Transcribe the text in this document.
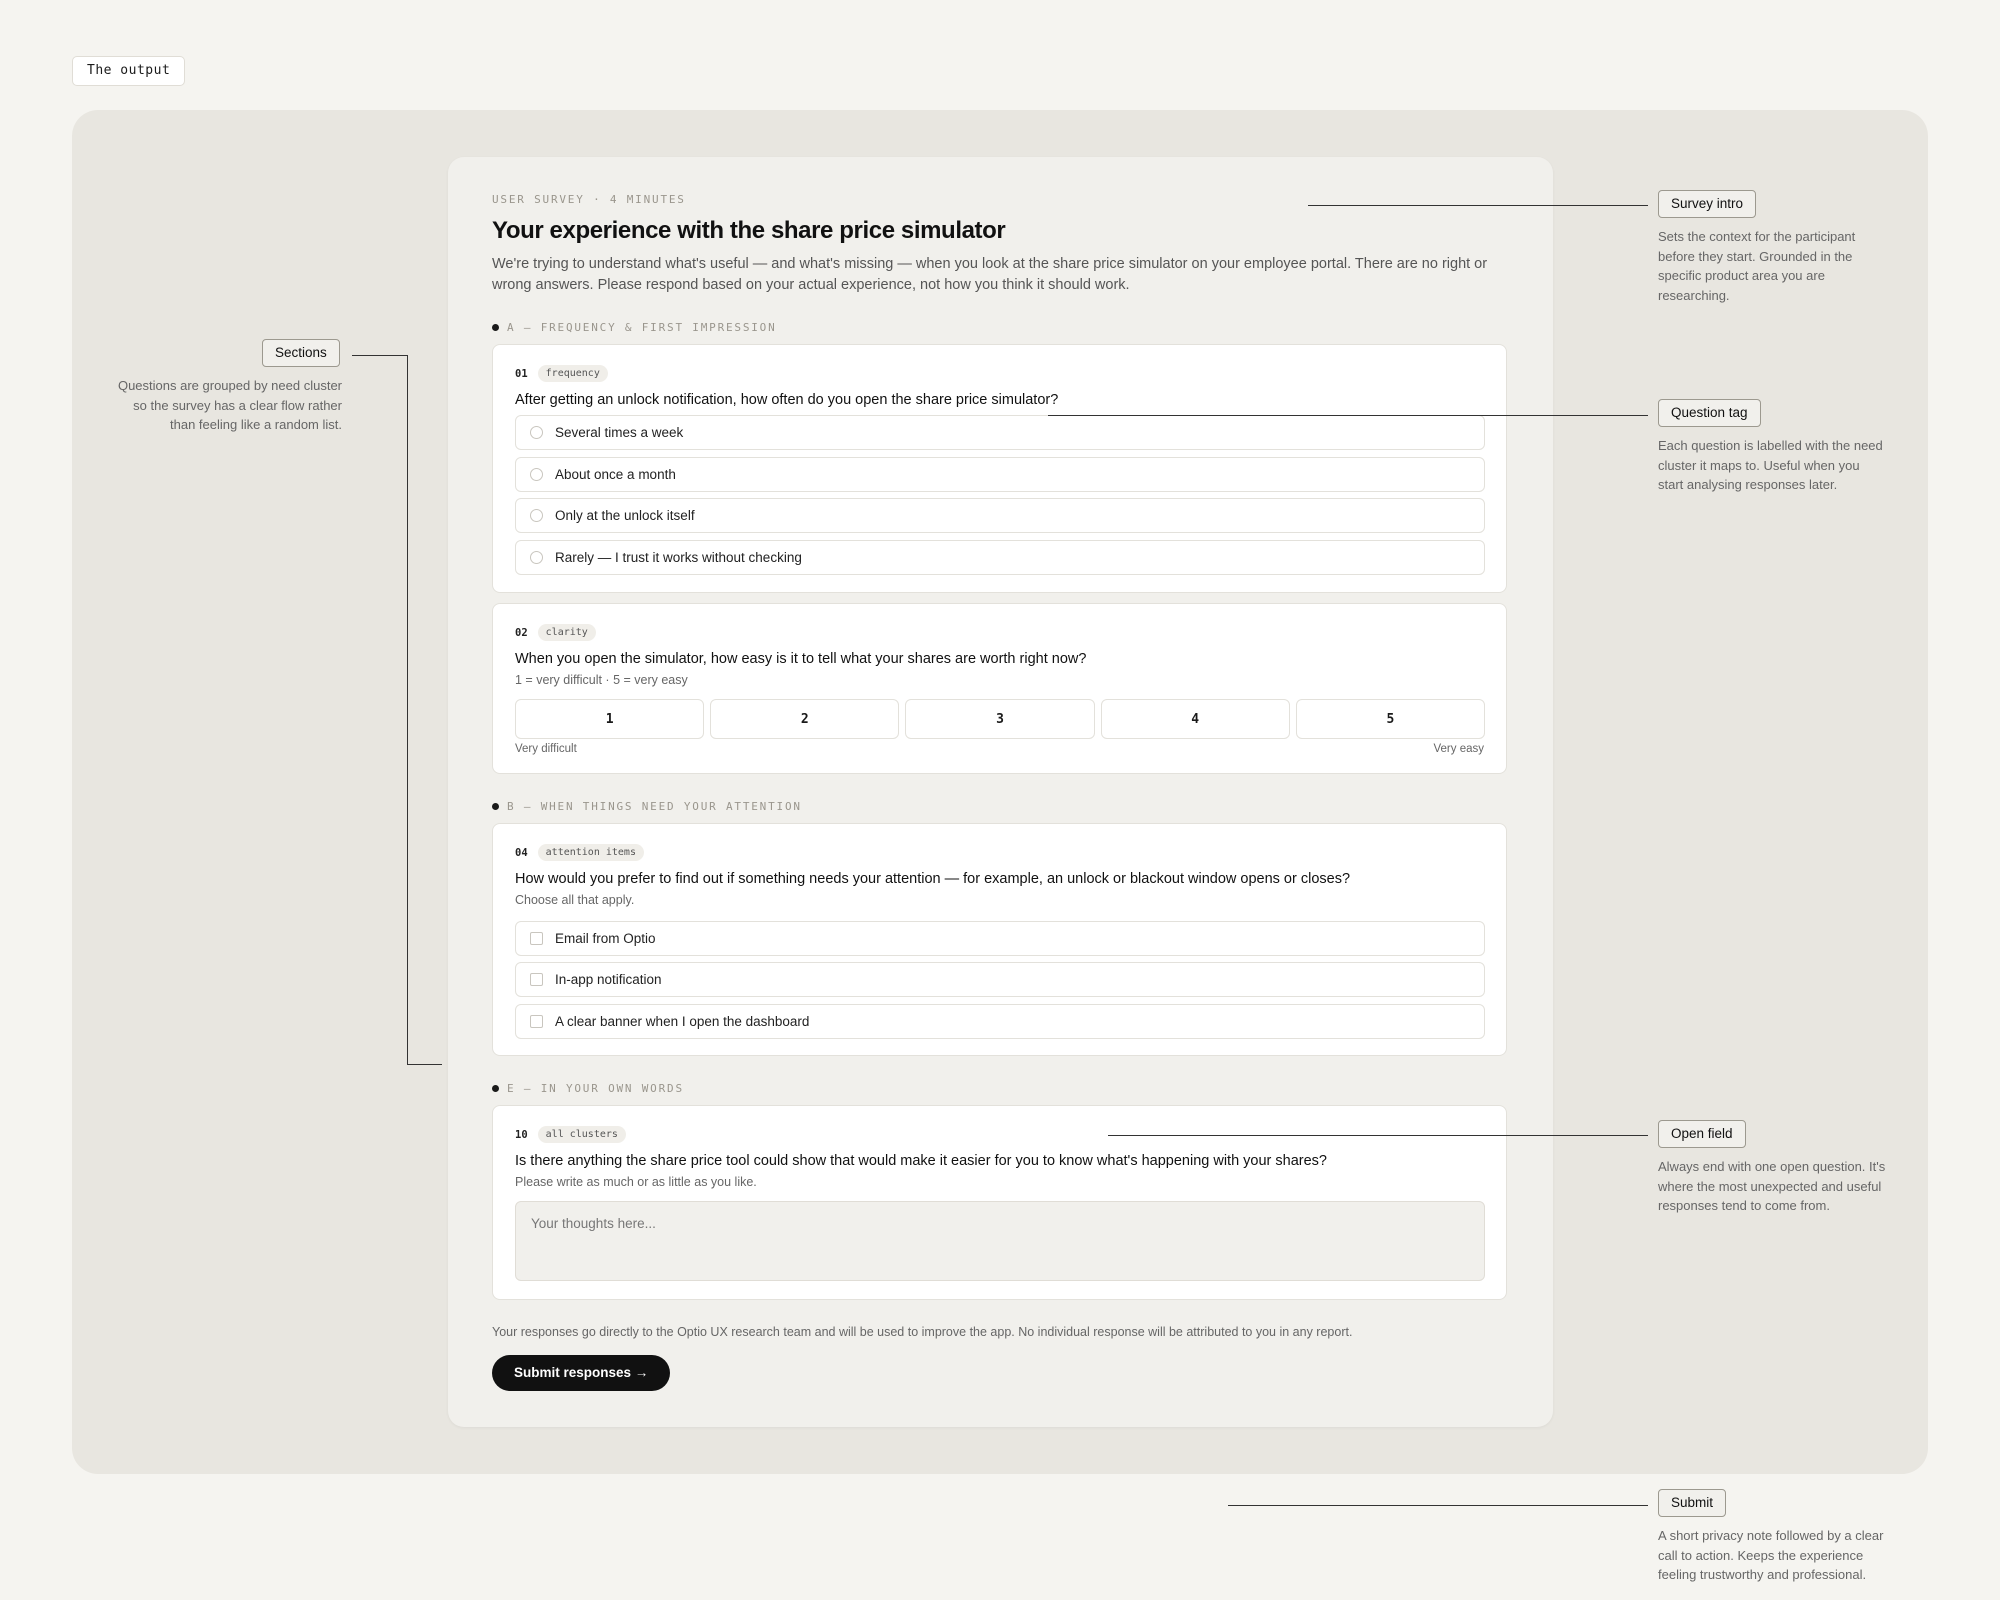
The output
USER SURVEY · 4 MINUTES
Your experience with the share price simulator
We're trying to understand what's useful — and what's missing — when you look at the share price simulator on your employee portal. There are no right or wrong answers. Please respond based on your actual experience, not how you think it should work.
A — FREQUENCY & FIRST IMPRESSION
01	frequency
After getting an unlock notification, how often do you open the share price simulator?
Several times a week
About once a month
Only at the unlock itself
Rarely — I trust it works without checking
02	clarity
When you open the simulator, how easy is it to tell what your shares are worth right now?
1 = very difficult · 5 = very easy
1	2	3	4	5
Very difficult	Very easy
B — WHEN THINGS NEED YOUR ATTENTION
04	attention items
How would you prefer to find out if something needs your attention — for example, an unlock or blackout window opens or closes?
Choose all that apply.
Email from Optio
In-app notification
A clear banner when I open the dashboard
E — IN YOUR OWN WORDS
10	all clusters
Is there anything the share price tool could show that would make it easier for you to know what's happening with your shares?
Please write as much or as little as you like.
Your thoughts here...
Your responses go directly to the Optio UX research team and will be used to improve the app. No individual response will be attributed to you in any report.
Submit responses →
Sections
Questions are grouped by need cluster so the survey has a clear flow rather than feeling like a random list.
Survey intro
Sets the context for the participant before they start. Grounded in the specific product area you are researching.
Question tag
Each question is labelled with the need cluster it maps to. Useful when you start analysing responses later.
Open field
Always end with one open question. It's where the most unexpected and useful responses tend to come from.
Submit
A short privacy note followed by a clear call to action. Keeps the experience feeling trustworthy and professional.
